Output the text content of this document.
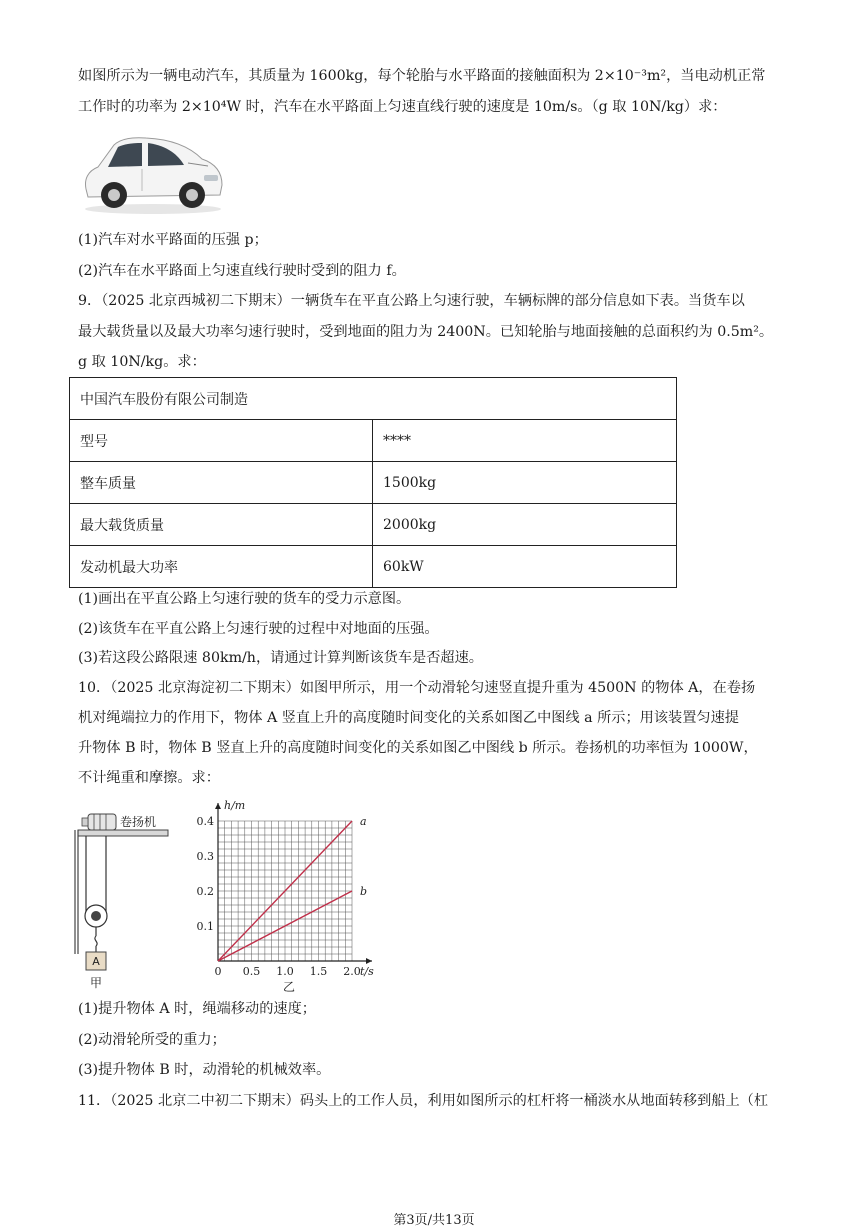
如图所示为一辆电动汽车，其质量为 1600kg，每个轮胎与水平路面的接触面积为 2×10⁻³m²，当电动机正常
工作时的功率为 2×10⁴W 时，汽车在水平路面上匀速直线行驶的速度是 10m/s。（g 取 10N/kg）求：
(1)汽车对水平路面的压强 p；
(2)汽车在水平路面上匀速直线行驶时受到的阻力 f。
9．（2025 北京西城初二下期末）一辆货车在平直公路上匀速行驶，车辆标牌的部分信息如下表。当货车以
最大载货量以及最大功率匀速行驶时，受到地面的阻力为 2400N。已知轮胎与地面接触的总面积约为 0.5m²。
g 取 10N/kg。求：
中国汽车股份有限公司制造	
型号	****
整车质量	1500kg
最大载货质量	2000kg
发动机最大功率	60kW
(1)画出在平直公路上匀速行驶的货车的受力示意图。
(2)该货车在平直公路上匀速行驶的过程中对地面的压强。
(3)若这段公路限速 80km/h，请通过计算判断该货车是否超速。
10．（2025 北京海淀初二下期末）如图甲所示，用一个动滑轮匀速竖直提升重为 4500N 的物体 A，在卷扬
机对绳端拉力的作用下，物体 A 竖直上升的高度随时间变化的关系如图乙中图线 a 所示；用该装置匀速提
升物体 B 时，物体 B 竖直上升的高度随时间变化的关系如图乙中图线 b 所示。卷扬机的功率恒为 1000W，
不计绳重和摩擦。求：
卷扬机
A
甲
h/m
t/s
0 0.5 1.0 1.5 2.0
0.1
0.2
0.3
0.4	a
b
乙
(1)提升物体 A 时，绳端移动的速度；
(2)动滑轮所受的重力；
(3)提升物体 B 时，动滑轮的机械效率。
11．（2025 北京二中初二下期末）码头上的工作人员，利用如图所示的杠杆将一桶淡水从地面转移到船上（杠
第3页/共13页
